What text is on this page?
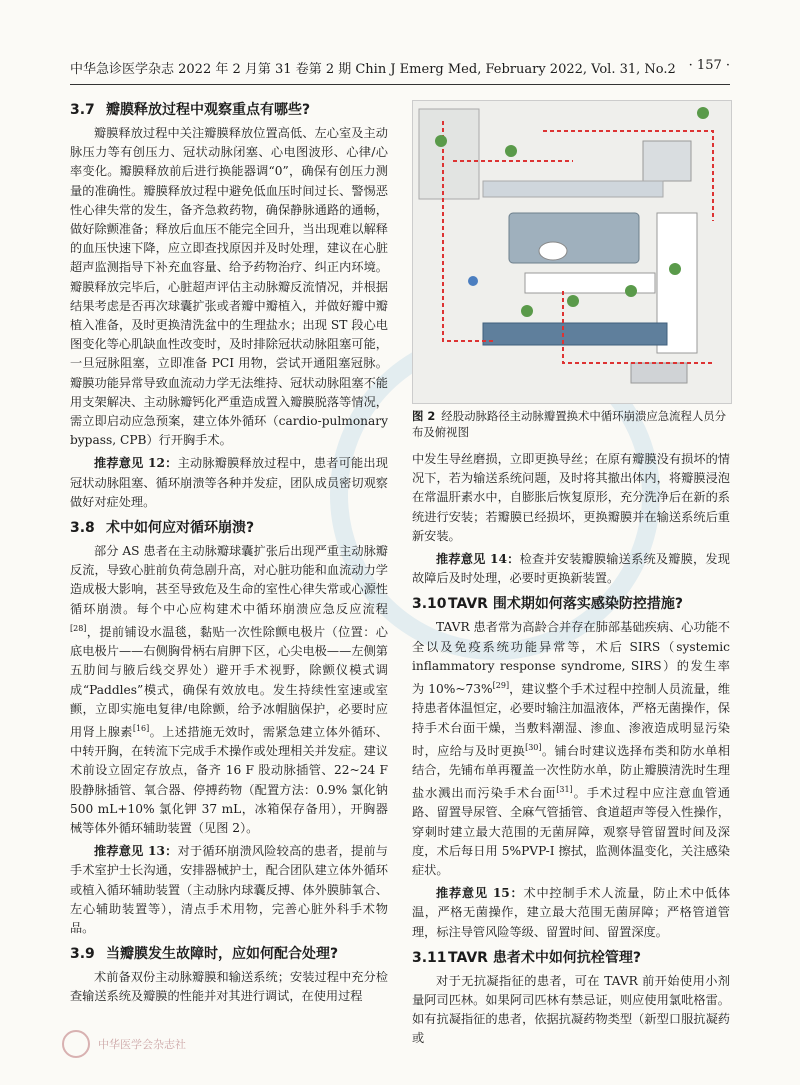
中华急诊医学杂志 2022 年 2 月第 31 卷第 2 期 Chin J Emerg Med, February 2022, Vol. 31, No.2 · 157 ·
3.7 瓣膜释放过程中观察重点有哪些?

瓣膜释放过程中关注瓣膜释放位置高低、左心室及主动脉压力等有创压力、冠状动脉闭塞、心电图波形、心律/心率变化。瓣膜释放前后进行换能器调“0”，确保有创压力测量的准确性。瓣膜释放过程中避免低血压时间过长、警惕恶性心律失常的发生，备齐急救药物，确保静脉通路的通畅，做好除颤准备；释放后血压不能完全回升，当出现难以解释的血压快速下降，应立即查找原因并及时处理，建议在心脏超声监测指导下补充血容量、给予药物治疗、纠正内环境。瓣膜释放完毕后，心脏超声评估主动脉瓣反流情况，并根据结果考虑是否再次球囊扩张或者瓣中瓣植入，并做好瓣中瓣植入准备，及时更换清洗盆中的生理盐水；出现 ST 段心电图变化等心肌缺血性改变时，及时排除冠状动脉阻塞可能，一旦冠脉阻塞，立即准备 PCI 用物，尝试开通阻塞冠脉。瓣膜功能异常导致血流动力学无法维持、冠状动脉阻塞不能用支架解决、主动脉瓣钙化严重造成置入瓣膜脱落等情况，需立即启动应急预案，建立体外循环（cardio-pulmonary bypass, CPB）行开胸手术。

推荐意见 12：主动脉瓣膜释放过程中，患者可能出现冠状动脉阻塞、循环崩溃等各种并发症，团队成员密切观察做好对症处理。
3.8 术中如何应对循环崩溃?

部分 AS 患者在主动脉瓣球囊扩张后出现严重主动脉瓣反流，导致心脏前负荷急剧升高，对心脏功能和血流动力学造成极大影响，甚至导致危及生命的室性心律失常或心源性循环崩溃。每个中心应构建术中循环崩溃应急反应流程[28]，提前铺设水温毯，黏贴一次性除颤电极片（位置：心底电极片——右侧胸骨柄右肩胛下区，心尖电极——左侧第五肋间与腋后线交界处）避开手术视野，除颤仪模式调成“Paddles”模式，确保有效放电。发生持续性室速或室颤，立即实施电复律/电除颤，给予冰帽脑保护，必要时应用肾上腺素[16]。上述措施无效时，需紧急建立体外循环、中转开胸，在转流下完成手术操作或处理相关并发症。建议术前设立固定存放点，备齐 16 F 股动脉插管、22~24 F 股静脉插管、氧合器、停搏药物（配置方法：0.9% 氯化钠 500 mL+10% 氯化钾 37 mL，冰箱保存备用），开胸器械等体外循环辅助装置（见图 2）。

推荐意见 13：对于循环崩溃风险较高的患者，提前与手术室护士长沟通，安排器械护士，配合团队建立体外循环或植入循环辅助装置（主动脉内球囊反搏、体外膜肺氧合、左心辅助装置等），清点手术用物，完善心脏外科手术物品。
3.9 当瓣膜发生故障时，应如何配合处理?

术前备双份主动脉瓣膜和输送系统；安装过程中充分检查输送系统及瓣膜的性能并对其进行调试，在使用过程

图 2 经股动脉路径主动脉瓣置换术中循环崩溃应急流程人员分布及俯视图

中发生导丝磨损，立即更换导丝；在原有瓣膜没有损坏的情况下，若为输送系统问题，及时将其撤出体内，将瓣膜浸泡在常温肝素水中，自膨胀后恢复原形，充分洗净后在新的系统进行安装；若瓣膜已经损坏，更换瓣膜并在输送系统后重新安装。

推荐意见 14：检查并安装瓣膜输送系统及瓣膜，发现故障后及时处理，必要时更换新装置。
3.10TAVR 围术期如何落实感染防控措施?

TAVR 患者常为高龄合并存在肺部基础疾病、心功能不全以及免疫系统功能异常等，术后 SIRS（systemic inflammatory response syndrome, SIRS）的发生率为 10%~73%[29]，建议整个手术过程中控制人员流量，维持患者体温恒定，必要时输注加温液体，严格无菌操作，保持手术台面干燥，当敷料潮湿、渗血、渗液造成明显污染时，应给与及时更换[30]。铺台时建议选择布类和防水单相结合，先铺布单再覆盖一次性防水单，防止瓣膜清洗时生理盐水溅出而污染手术台面[31]。手术过程中应注意血管通路、留置导尿管、全麻气管插管、食道超声等侵入性操作，穿刺时建立最大范围的无菌屏障，观察导管留置时间及深度，术后每日用 5%PVP-I 擦拭，监测体温变化，关注感染症状。

推荐意见 15：术中控制手术人流量，防止术中低体温，严格无菌操作，建立最大范围无菌屏障；严格管道管理，标注导管风险等级、留置时间、留置深度。
3.11TAVR 患者术中如何抗栓管理?

对于无抗凝指征的患者，可在 TAVR 前开始使用小剂量阿司匹林。如果阿司匹林有禁忌证，则应使用氯吡格雷。如有抗凝指征的患者，依据抗凝药物类型（新型口服抗凝药或

中华医学会杂志社
